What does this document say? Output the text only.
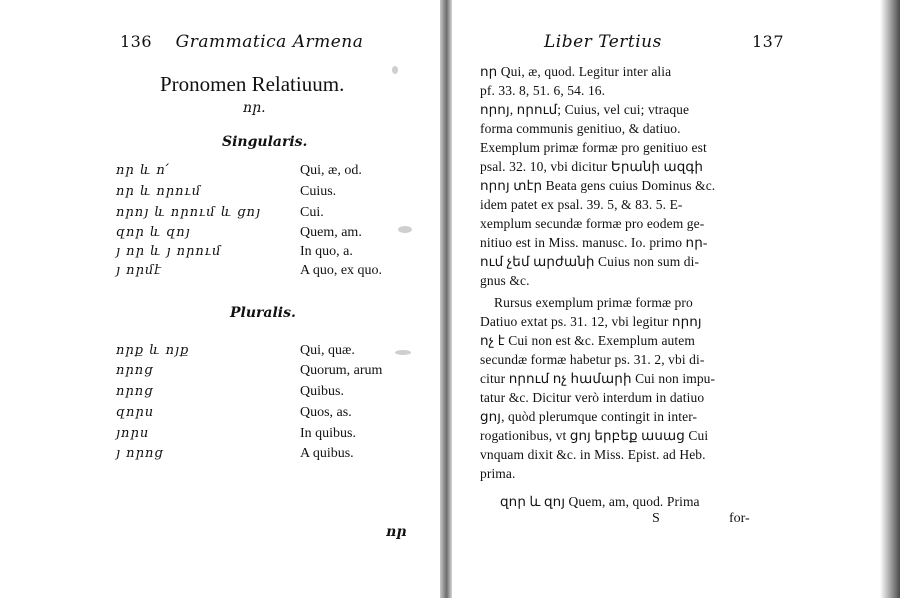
136 Grammatica Armena
Pronomen Relatiuum.
որ.
Singularis.
որ և ո՛	Qui, æ, od.
որ և որում	Cuius.
որոյ և որում և ցոյ	Cui.
զոր և զոյ	Quem, am.
յ որ և յ որում	In quo, a.
յ որմէ	A quo, ex quo.
Pluralis.
որք և ոյք	Qui, quæ.
որոց	Quorum, arum
որոց	Quibus.
զորս	Quos, as.
յորս	In quibus.
յ որոց	A quibus.
որ
Liber Tertius	137
որ Qui, æ, quod. Legitur inter alia
pf. 33. 8, 51. 6, 54. 16.
որոյ, որում; Cuius, vel cui; vtraque
forma communis genitiuo, & datiuo.
Exemplum primæ formæ pro genitiuo est
psal. 32. 10, vbi dicitur Երանի ազգի
որոյ տէր Beata gens cuius Dominus &c.
idem patet ex psal. 39. 5, & 83. 5. E-
xemplum secundæ formæ pro eodem ge-
nitiuo est in Miss. manusc. Io. primo որ-
ում չեմ արժանի Cuius non sum di-
gnus &c.
Rursus exemplum primæ formæ pro
Datiuo extat ps. 31. 12, vbi legitur որոյ
ոչ է Cui non est &c. Exemplum autem
secundæ formæ habetur ps. 31. 2, vbi di-
citur որում ոչ համարի Cui non impu-
tatur &c. Dicitur verò interdum in datiuo
ցոյ, quòd plerumque contingit in inter-
rogationibus, vt ցոյ երբեք ասաց Cui
vnquam dixit &c. in Miss. Epist. ad Heb.
prima.
զոր և զոյ Quem, am, quod. Prima
S	for-
